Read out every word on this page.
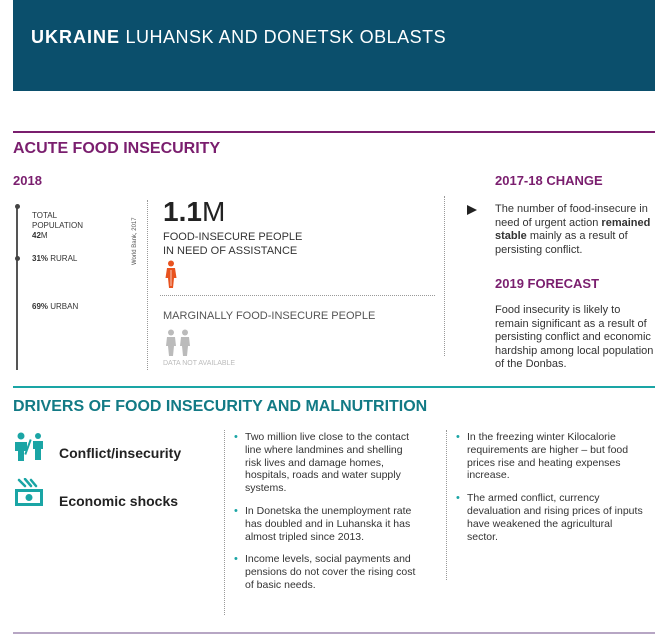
UKRAINE LUHANSK AND DONETSK OBLASTS
ACUTE FOOD INSECURITY
2018
TOTAL
POPULATION
42M
31% RURAL
69% URBAN
World Bank, 2017
1.1M
FOOD-INSECURE PEOPLE IN NEED OF ASSISTANCE
MARGINALLY FOOD-INSECURE PEOPLE
DATA NOT AVAILABLE
2017-18 CHANGE
The number of food-insecure in need of urgent action remained stable mainly as a result of persisting conflict.
2019 FORECAST
Food insecurity is likely to remain significant as a result of persisting conflict and economic hardship among local population of the Donbas.
DRIVERS OF FOOD INSECURITY AND MALNUTRITION
Conflict/insecurity
Economic shocks
• Two million live close to the contact line where landmines and shelling risk lives and damage homes, hospitals, roads and water supply systems.
• In Donetska the unemployment rate has doubled and in Luhanska it has almost tripled since 2013.
• Income levels, social payments and pensions do not cover the rising cost of basic needs.
• In the freezing winter Kilocalorie requirements are higher – but food prices rise and heating expenses increase.
• The armed conflict, currency devaluation and rising prices of inputs have weakened the agricultural sector.
